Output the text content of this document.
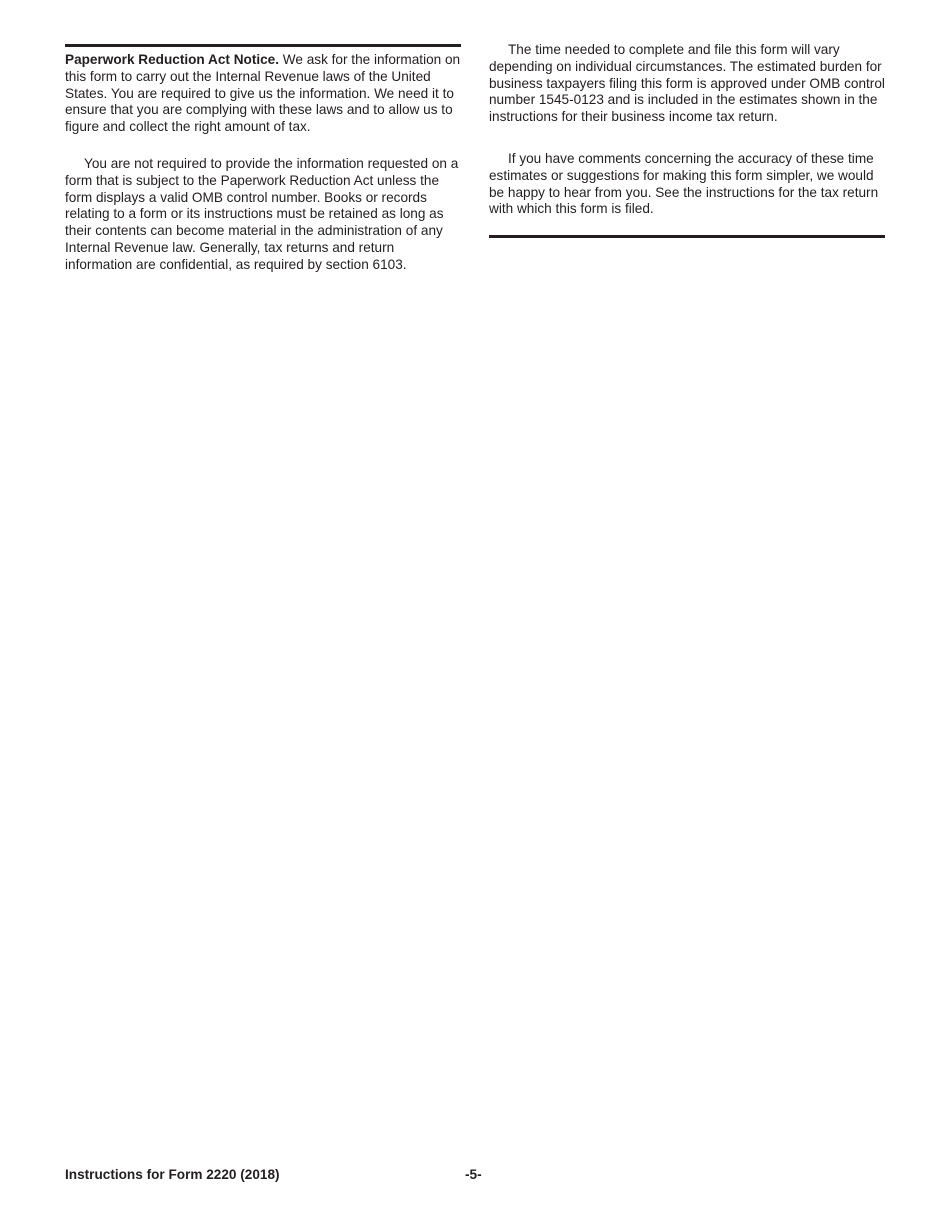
Paperwork Reduction Act Notice. We ask for the information on this form to carry out the Internal Revenue laws of the United States. You are required to give us the information. We need it to ensure that you are complying with these laws and to allow us to figure and collect the right amount of tax.

You are not required to provide the information requested on a form that is subject to the Paperwork Reduction Act unless the form displays a valid OMB control number. Books or records relating to a form or its instructions must be retained as long as their contents can become material in the administration of any Internal Revenue law. Generally, tax returns and return information are confidential, as required by section 6103.

The time needed to complete and file this form will vary depending on individual circumstances. The estimated burden for business taxpayers filing this form is approved under OMB control number 1545-0123 and is included in the estimates shown in the instructions for their business income tax return.

If you have comments concerning the accuracy of these time estimates or suggestions for making this form simpler, we would be happy to hear from you. See the instructions for the tax return with which this form is filed.

Instructions for Form 2220 (2018)	-5-
